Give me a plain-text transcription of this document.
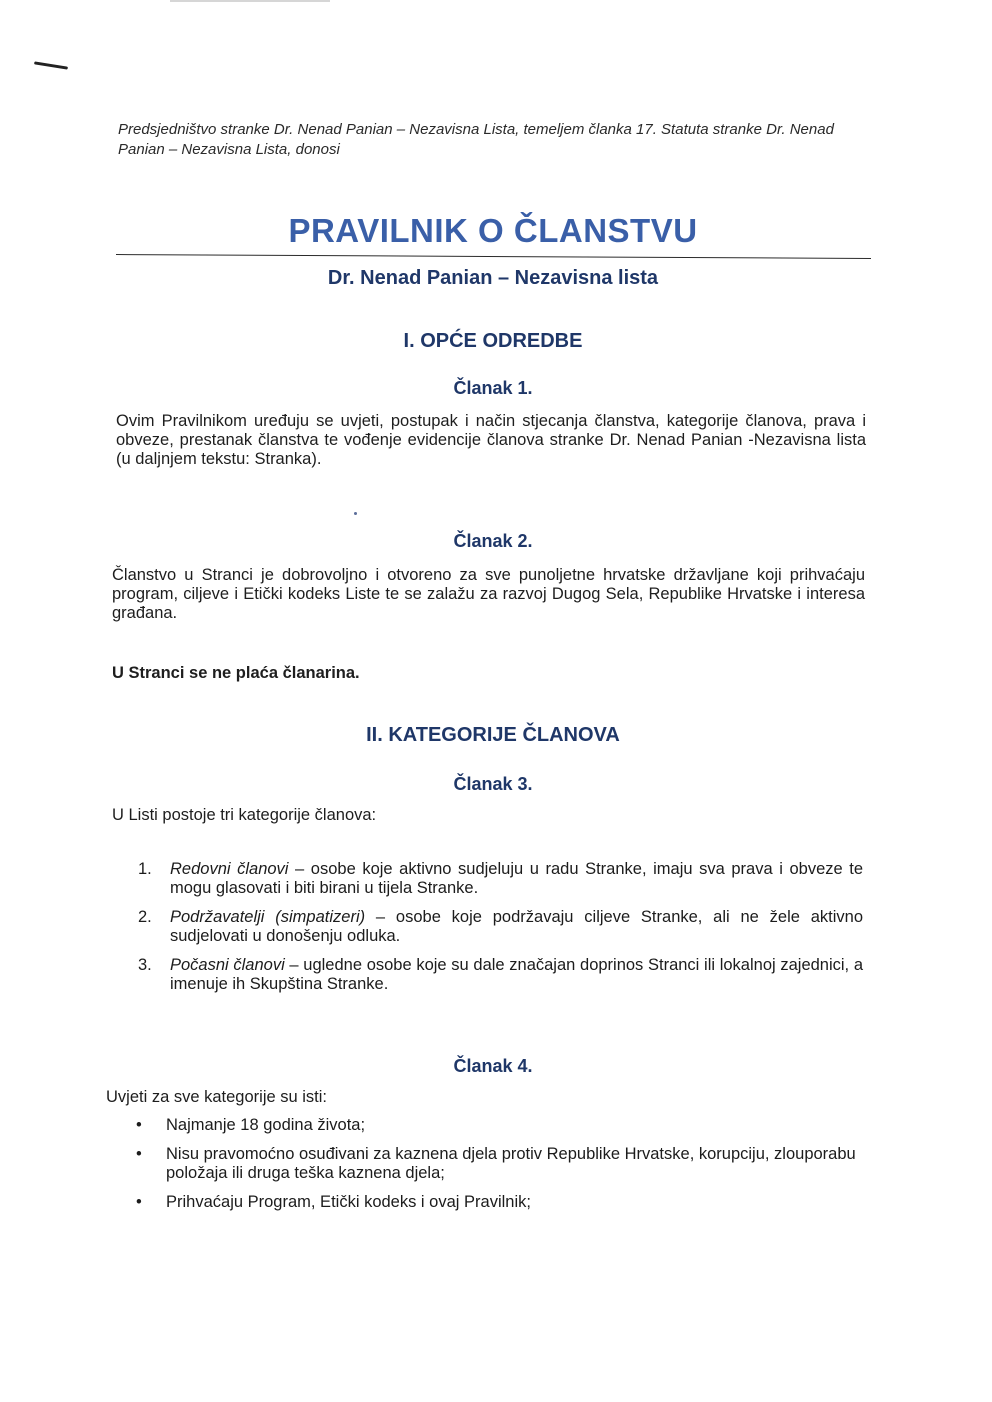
Predsjedništvo stranke Dr. Nenad Panian – Nezavisna Lista, temeljem članka 17. Statuta stranke Dr. Nenad Panian – Nezavisna Lista, donosi

PRAVILNIK O ČLANSTVU
Dr. Nenad Panian – Nezavisna lista
I. OPĆE ODREDBE
Članak 1.

Ovim Pravilnikom uređuju se uvjeti, postupak i način stjecanja članstva, kategorije članova, prava i obveze, prestanak članstva te vođenje evidencije članova stranke Dr. Nenad Panian -Nezavisna lista (u daljnjem tekstu: Stranka).

Članak 2.

Članstvo u Stranci je dobrovoljno i otvoreno za sve punoljetne hrvatske državljane koji prihvaćaju program, ciljeve i Etički kodeks Liste te se zalažu za razvoj Dugog Sela, Republike Hrvatske i interesa građana.

U Stranci se ne plaća članarina.

II. KATEGORIJE ČLANOVA
Članak 3.

U Listi postoje tri kategorije članova:

1. Redovni članovi – osobe koje aktivno sudjeluju u radu Stranke, imaju sva prava i obveze te mogu glasovati i biti birani u tijela Stranke.
2. Podržavatelji (simpatizeri) – osobe koje podržavaju ciljeve Stranke, ali ne žele aktivno sudjelovati u donošenju odluka.
3. Počasni članovi – ugledne osobe koje su dale značajan doprinos Stranci ili lokalnoj zajednici, a imenuje ih Skupština Stranke.
Članak 4.

Uvjeti za sve kategorije su isti:

• Najmanje 18 godina života;
• Nisu pravomoćno osuđivani za kaznena djela protiv Republike Hrvatske, korupciju, zlouporabu položaja ili druga teška kaznena djela;
• Prihvaćaju Program, Etički kodeks i ovaj Pravilnik;
